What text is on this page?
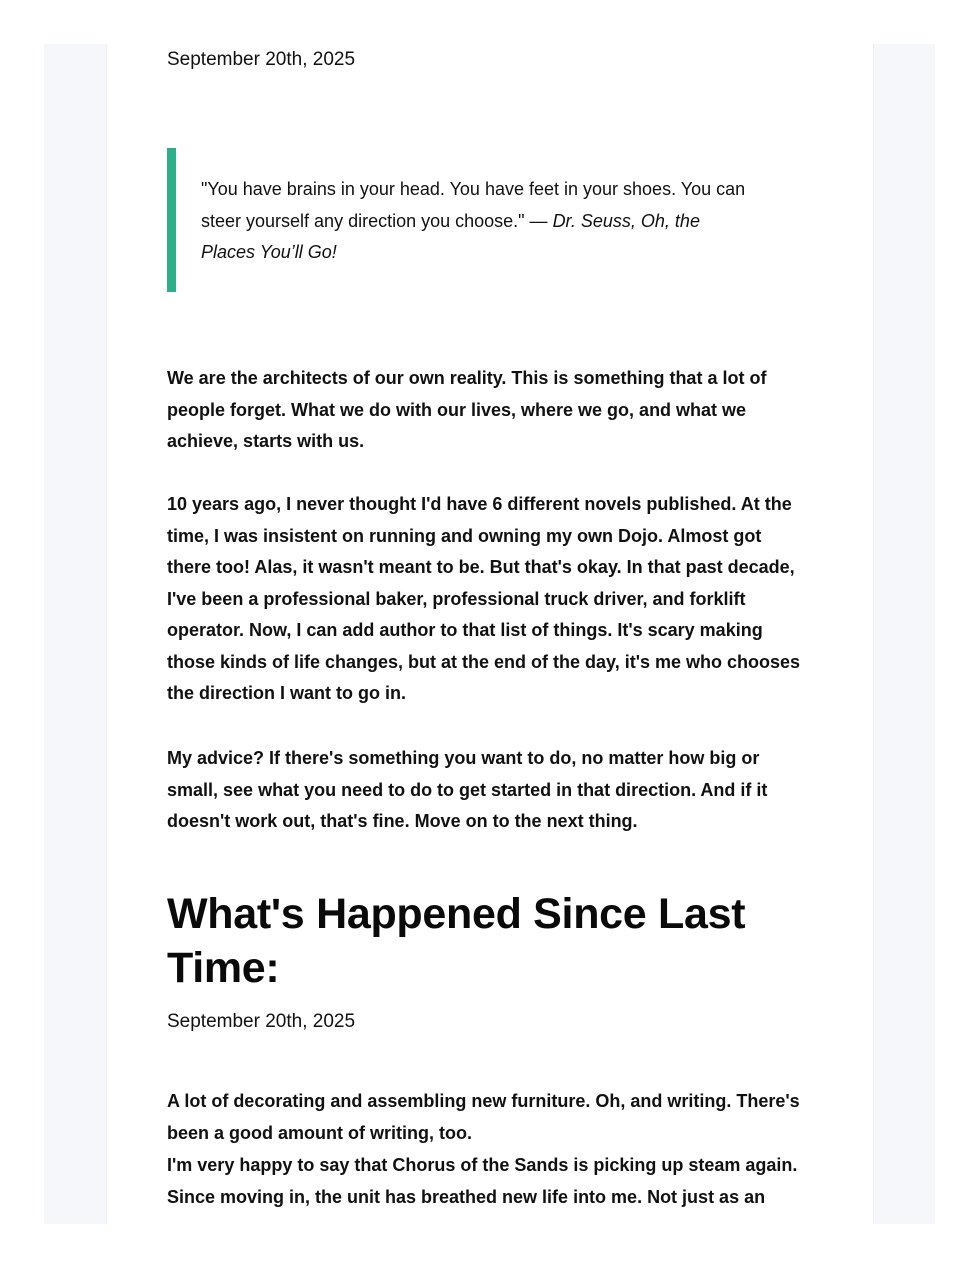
September 20th, 2025
"You have brains in your head. You have feet in your shoes. You can steer yourself any direction you choose." — Dr. Seuss, Oh, the Places You’ll Go!

We are the architects of our own reality. This is something that a lot of people forget. What we do with our lives, where we go, and what we achieve, starts with us.

10 years ago, I never thought I'd have 6 different novels published. At the time, I was insistent on running and owning my own Dojo. Almost got there too! Alas, it wasn't meant to be. But that's okay. In that past decade, I've been a professional baker, professional truck driver, and forklift operator. Now, I can add author to that list of things. It's scary making those kinds of life changes, but at the end of the day, it's me who chooses the direction I want to go in.

My advice? If there's something you want to do, no matter how big or small, see what you need to do to get started in that direction. And if it doesn't work out, that's fine. Move on to the next thing.

What's Happened Since Last Time:
September 20th, 2025

A lot of decorating and assembling new furniture. Oh, and writing. There's been a good amount of writing, too.

I'm very happy to say that Chorus of the Sands is picking up steam again. Since moving in, the unit has breathed new life into me. Not just as an
